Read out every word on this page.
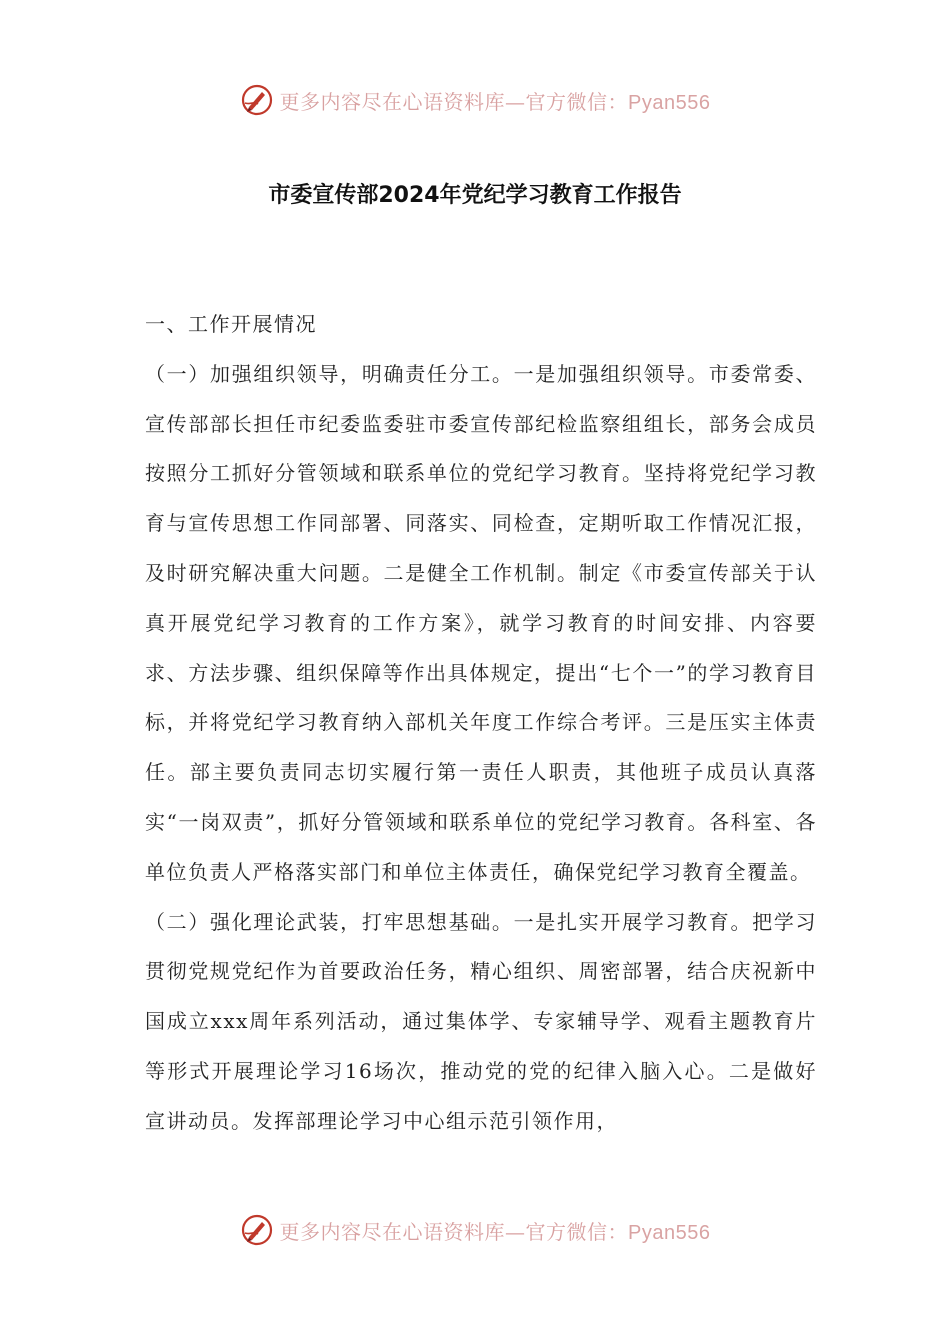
更多内容尽在心语资料库—官方微信：Pyan556
市委宣传部2024年党纪学习教育工作报告

一、工作开展情况

（一）加强组织领导，明确责任分工。一是加强组织领导。市委常委、宣传部部长担任市纪委监委驻市委宣传部纪检监察组组长，部务会成员按照分工抓好分管领域和联系单位的党纪学习教育。坚持将党纪学习教育与宣传思想工作同部署、同落实、同检查，定期听取工作情况汇报，及时研究解决重大问题。二是健全工作机制。制定《市委宣传部关于认真开展党纪学习教育的工作方案》，就学习教育的时间安排、内容要求、方法步骤、组织保障等作出具体规定，提出“七个一”的学习教育目标，并将党纪学习教育纳入部机关年度工作综合考评。三是压实主体责任。部主要负责同志切实履行第一责任人职责，其他班子成员认真落实“一岗双责”，抓好分管领域和联系单位的党纪学习教育。各科室、各单位负责人严格落实部门和单位主体责任，确保党纪学习教育全覆盖。

（二）强化理论武装，打牢思想基础。一是扎实开展学习教育。把学习贯彻党规党纪作为首要政治任务，精心组织、周密部署，结合庆祝新中国成立xxx周年系列活动，通过集体学、专家辅导学、观看主题教育片等形式开展理论学习16场次，推动党的党的纪律入脑入心。二是做好宣讲动员。发挥部理论学习中心组示范引领作用，

更多内容尽在心语资料库—官方微信：Pyan556
